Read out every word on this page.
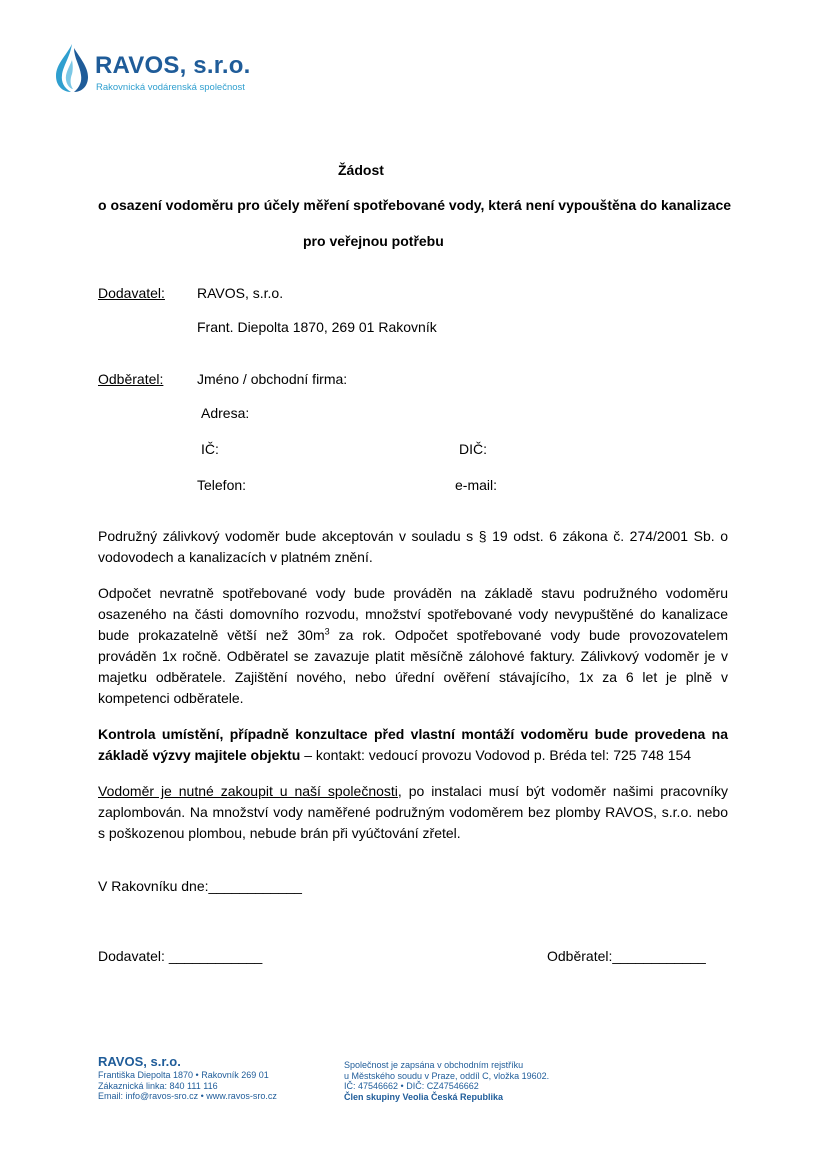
RAVOS, s.r.o.
Rakovnická vodárenská společnost
Žádost
o osazení vodoměru pro účely měření spotřebované vody, která není vypouštěna do kanalizace
pro veřejnou potřebu
Dodavatel: RAVOS, s.r.o.
Frant. Diepolta 1870, 269 01 Rakovník
Odběratel: Jméno / obchodní firma:
Adresa:
IČ:	DIČ:
Telefon:	e-mail:
Podružný zálivkový vodoměr bude akceptován v souladu s § 19 odst. 6 zákona č. 274/2001 Sb. o vodovodech a kanalizacích v platném znění.
Odpočet nevratně spotřebované vody bude prováděn na základě stavu podružného vodoměru osazeného na části domovního rozvodu, množství spotřebované vody nevypuštěné do kanalizace bude prokazatelně větší než $30m^3$ za rok. Odpočet spotřebované vody bude provozovatelem prováděn 1x ročně. Odběratel se zavazuje platit měsíčně zálohové faktury. Zálivkový vodoměr je v majetku odběratele. Zajištění nového, nebo úřední ověření stávajícího, 1x za 6 let je plně v kompetenci odběratele.
Kontrola umístění, případně konzultace před vlastní montáží vodoměru bude provedena na základě výzvy majitele objektu – kontakt: vedoucí provozu Vodovod p. Bréda tel: 725 748 154
Vodoměr je nutné zakoupit u naší společnosti, po instalaci musí být vodoměr našimi pracovníky zaplombován. Na množství vody naměřené podružným vodoměrem bez plomby RAVOS, s.r.o. nebo s poškozenou plombou, nebude brán při vyúčtování zřetel.
V Rakovníku dne:____________
Dodavatel: ____________	Odběratel:____________
RAVOS, s.r.o.
Františka Diepolta 1870 • Rakovník 269 01
Zákaznická linka: 840 111 116
Email: info@ravos-sro.cz • www.ravos-sro.cz
Společnost je zapsána v obchodním rejstříku
u Městského soudu v Praze, oddíl C, vložka 19602.
IČ: 47546662 • DIČ: CZ47546662
Člen skupiny Veolia Česká Republika
